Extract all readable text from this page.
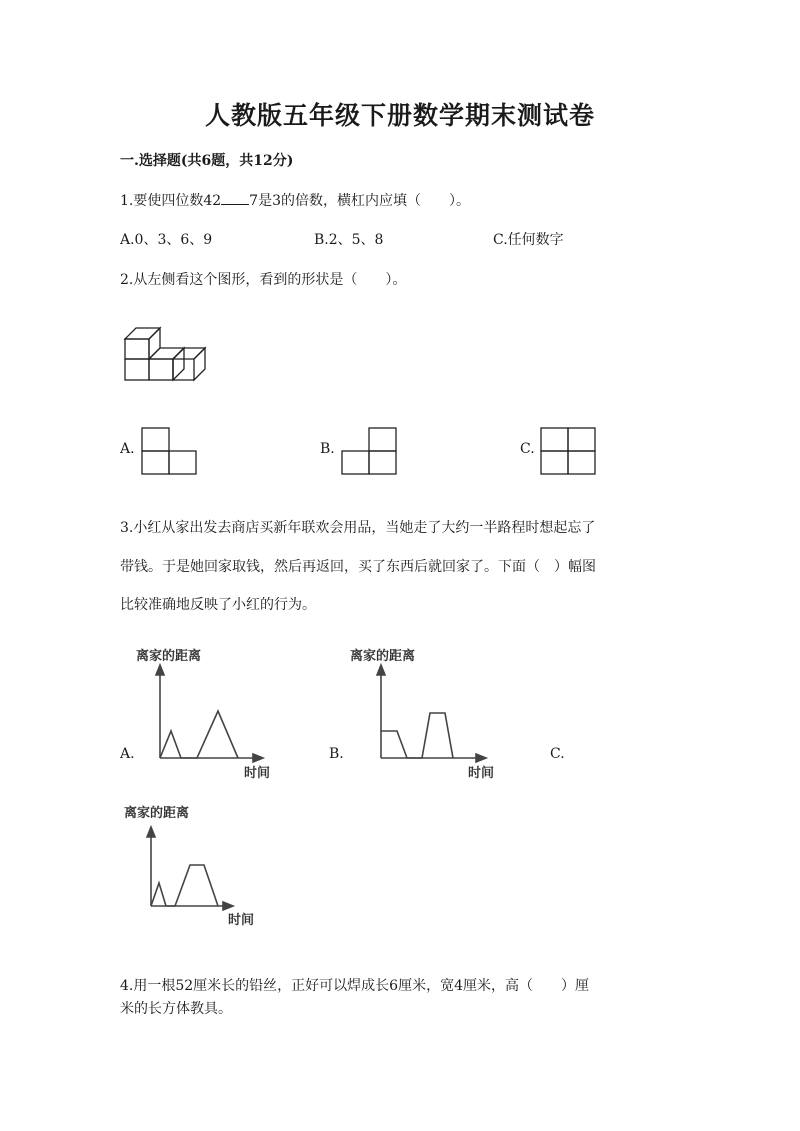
人教版五年级下册数学期末测试卷
一.选择题(共6题，共12分)
1.要使四位数42 7是3的倍数，横杠内应填（　　）。
A.0、3、6、9	B.2、5、8	C.任何数字
2.从左侧看这个图形，看到的形状是（　　）。
A.	B.	C.
3.小红从家出发去商店买新年联欢会用品，当她走了大约一半路程时想起忘了
带钱。于是她回家取钱，然后再返回，买了东西后就回家了。下面（　）幅图
比较准确地反映了小红的行为。
A.
离家的距离
时间
B.
离家的距离
时间
C.
离家的距离
时间
4.用一根52厘米长的铅丝，正好可以焊成长6厘米，宽4厘米，高（　　）厘
米的长方体教具。
